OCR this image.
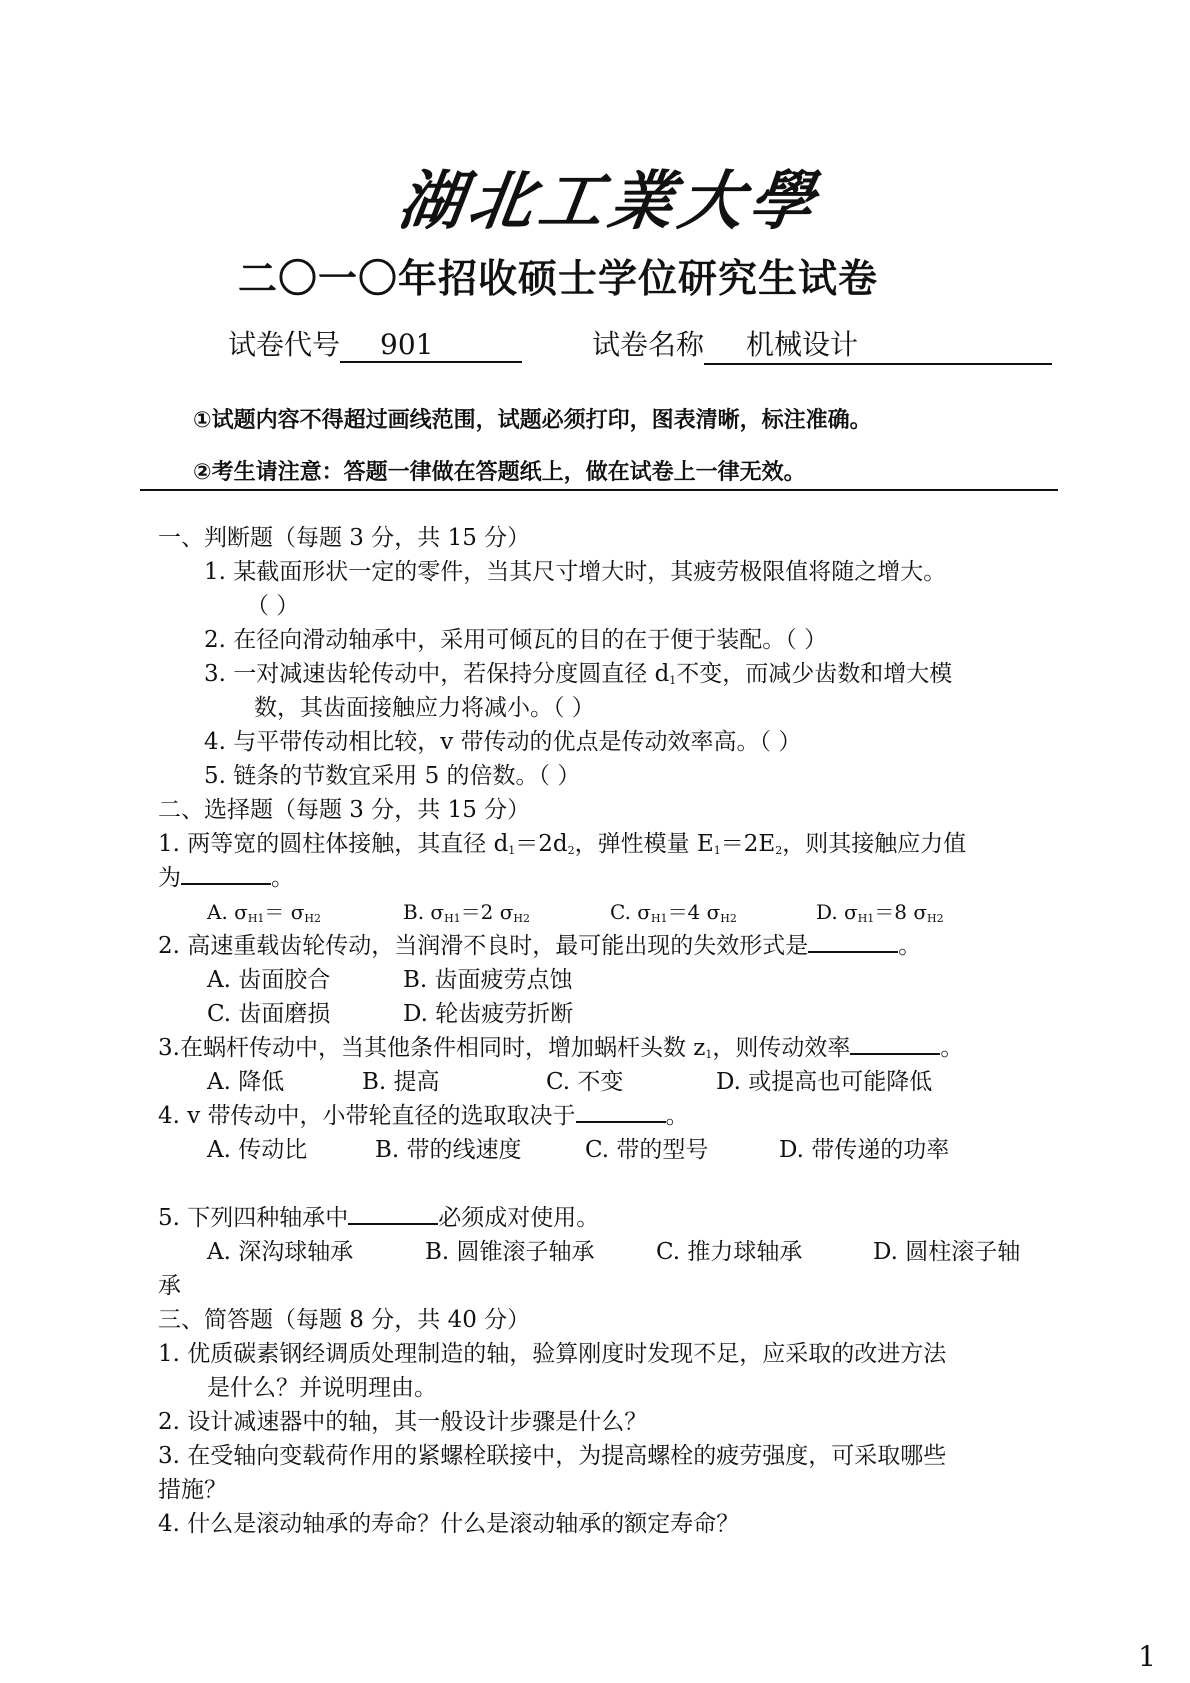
湖北工業大學
二〇一〇年招收硕士学位研究生试卷
试卷代号 901	试卷名称 机械设计
①试题内容不得超过画线范围，试题必须打印，图表清晰，标注准确。
②考生请注意：答题一律做在答题纸上，做在试卷上一律无效。
一、判断题（每题 3 分，共 15 分）
1. 某截面形状一定的零件，当其尺寸增大时，其疲劳极限值将随之增大。
（ ）
2. 在径向滑动轴承中，采用可倾瓦的目的在于便于装配。（ ）
3. 一对减速齿轮传动中，若保持分度圆直径 $d_1$不变，而减少齿数和增大模
数，其齿面接触应力将减小。（ ）
4. 与平带传动相比较，v 带传动的优点是传动效率高。（ ）
5. 链条的节数宜采用 5 的倍数。（ ）
二、选择题（每题 3 分，共 15 分）
1. 两等宽的圆柱体接触，其直径 $d_1=2d_2$，弹性模量 $E_1=2E_2$，则其接触应力值
为	。
A. $\sigma_{H1}= \sigma_{H2}$	B. $\sigma_{H1}=2$ $\sigma_{H2}$	C. $\sigma_{H1}=4$ $\sigma_{H2}$	D. $\sigma_{H1}=8$ $\sigma_{H2}$
2. 高速重载齿轮传动，当润滑不良时，最可能出现的失效形式是	。
A. 齿面胶合	B. 齿面疲劳点蚀
C. 齿面磨损	D. 轮齿疲劳折断
3.在蜗杆传动中，当其他条件相同时，增加蜗杆头数 $z_1$，则传动效率	。
A. 降低	B. 提高	C. 不变	D. 或提高也可能降低
4. v 带传动中，小带轮直径的选取取决于	。
A. 传动比	B. 带的线速度	C. 带的型号	D. 带传递的功率
5. 下列四种轴承中	必须成对使用。
A. 深沟球轴承	B. 圆锥滚子轴承	C. 推力球轴承	D. 圆柱滚子轴
承
三、简答题（每题 8 分，共 40 分）
1. 优质碳素钢经调质处理制造的轴，验算刚度时发现不足，应采取的改进方法
是什么？并说明理由。
2. 设计减速器中的轴，其一般设计步骤是什么？
3. 在受轴向变载荷作用的紧螺栓联接中，为提高螺栓的疲劳强度，可采取哪些
措施？
4. 什么是滚动轴承的寿命？什么是滚动轴承的额定寿命？
1
